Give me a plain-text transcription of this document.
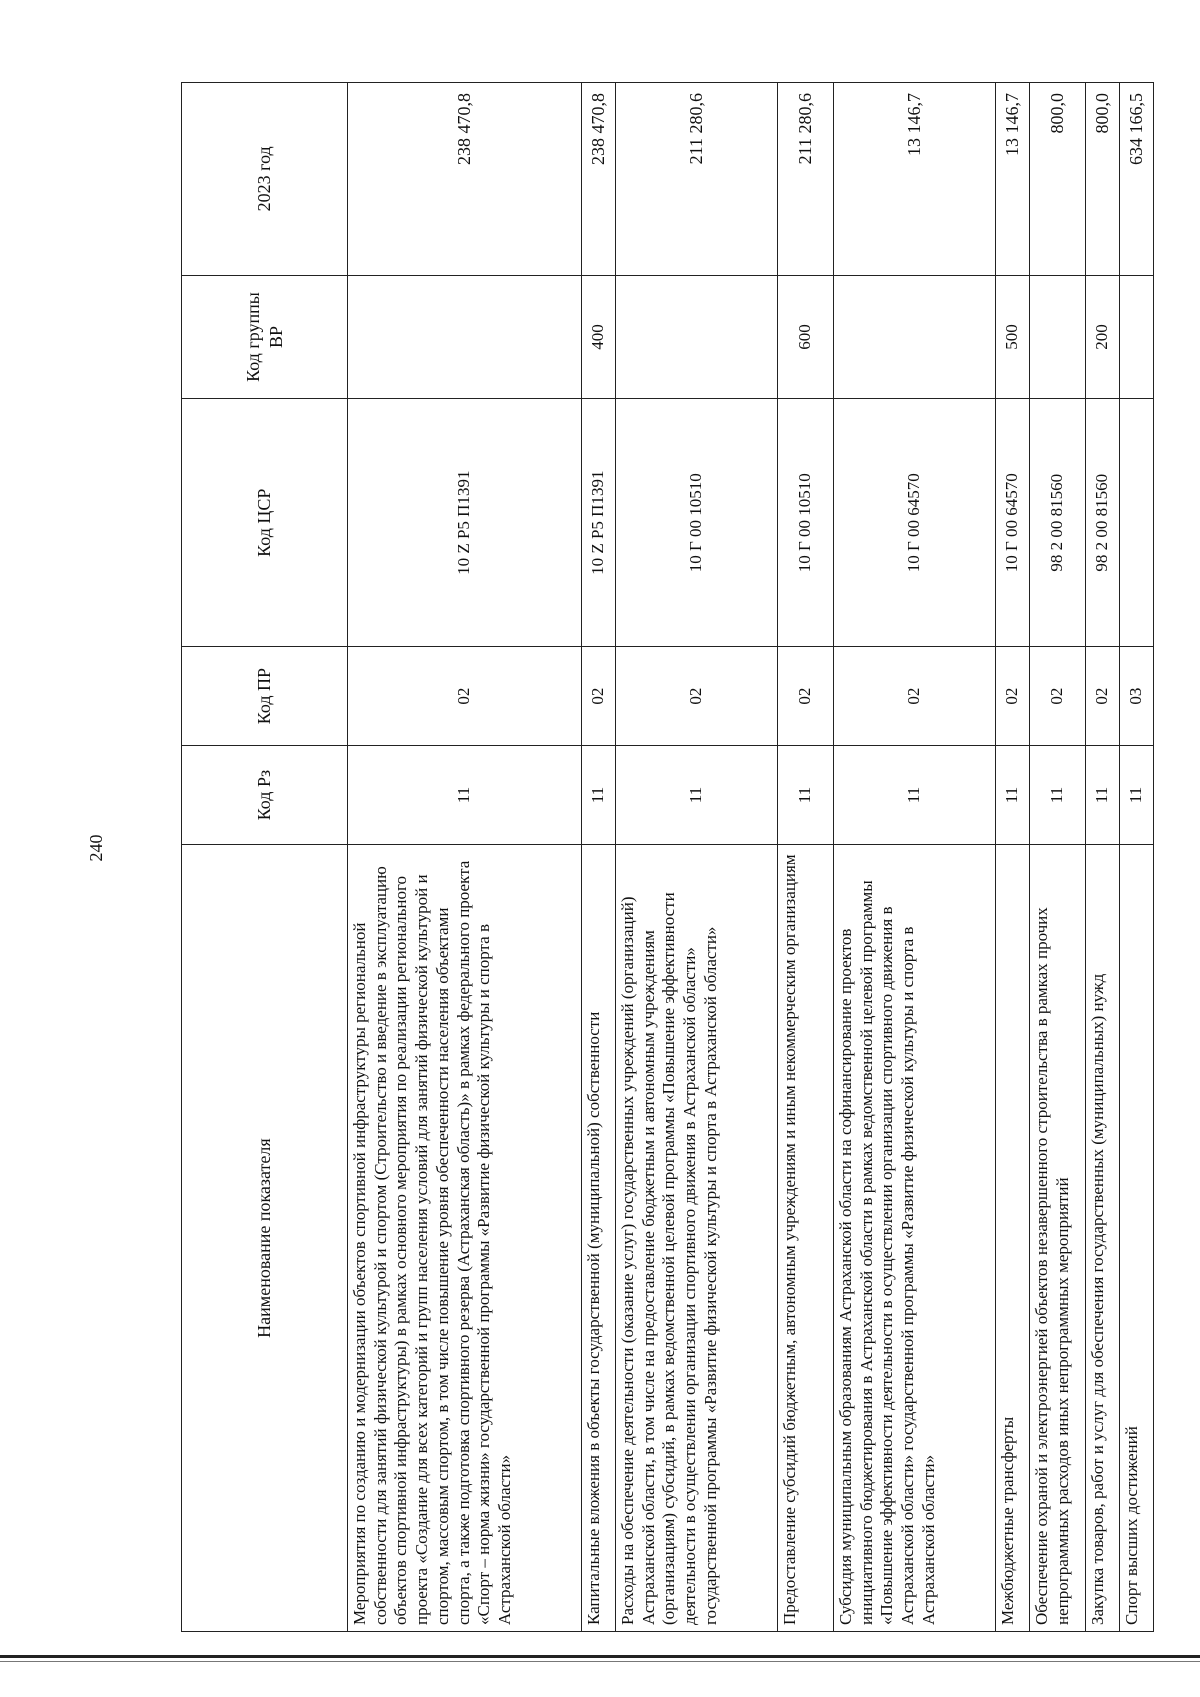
240
Наименование показателя	Код Рз	Код ПР	Код ЦСР	Код группы ВР	2023 год
Мероприятия по созданию и модернизации объектов спортивной инфраструктуры региональной собственности для занятий физической культурой и спортом (Строительство и введение в эксплуатацию объектов спортивной инфраструктуры) в рамках основного мероприятия по реализации регионального проекта «Создание для всех категорий и групп населения условий для занятий физической культурой и спортом, массовым спортом, в том числе повышение уровня обеспеченности населения объектами спорта, а также подготовка спортивного резерва (Астраханская область)» в рамках федерального проекта «Спорт – норма жизни» государственной программы «Развитие физической культуры и спорта в Астраханской области»	11	02	10 Z P5 П1391		238 470,8
Капитальные вложения в объекты государственной (муниципальной) собственности	11	02	10 Z P5 П1391	400	238 470,8
Расходы на обеспечение деятельности (оказание услуг) государственных учреждений (организаций) Астраханской области, в том числе на предоставление бюджетным и автономным учреждениям (организациям) субсидий, в рамках ведомственной целевой программы «Повышение эффективности деятельности в осуществлении организации спортивного движения в Астраханской области» государственной программы «Развитие физической культуры и спорта в Астраханской области»	11	02	10 Г 00 10510		211 280,6
Предоставление субсидий бюджетным, автономным учреждениям и иным некоммерческим организациям	11	02	10 Г 00 10510	600	211 280,6
Субсидия муниципальным образованиям Астраханской области на софинансирование проектов инициативного бюджетирования в Астраханской области в рамках ведомственной целевой программы «Повышение эффективности деятельности в осуществлении организации спортивного движения в Астраханской области» государственной программы «Развитие физической культуры и спорта в Астраханской области»	11	02	10 Г 00 64570		13 146,7
Межбюджетные трансферты	11	02	10 Г 00 64570	500	13 146,7
Обеспечение охраной и электроэнергией объектов незавершенного строительства в рамках прочих непрограммных расходов иных непрограммных мероприятий	11	02	98 2 00 81560		800,0
Закупка товаров, работ и услуг для обеспечения государственных (муниципальных) нужд	11	02	98 2 00 81560	200	800,0
Спорт высших достижений	11	03			634 166,5
